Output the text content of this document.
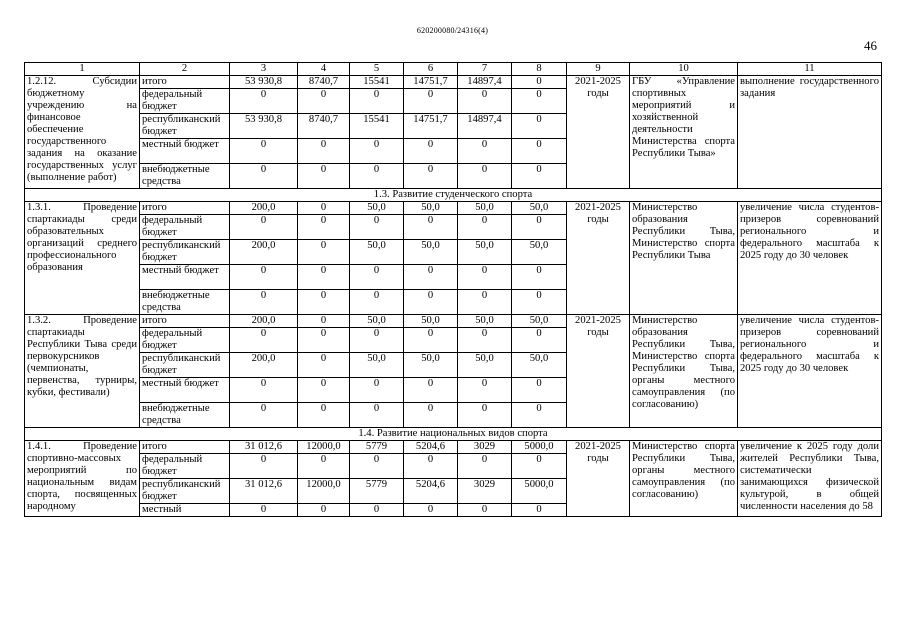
620200080/24316(4)
46
1	2	3	4	5	6	7	8	9	10	11
1.2.12. Субсидии бюджетному учреждению на финансовое обеспечение государственного задания на оказание государственных услуг (выполнение работ)	итого	53 930,8	8740,7	15541	14751,7	14897,4	0	2021-2025 годы	ГБУ «Управление спортивных мероприятий и хозяйственной деятельности Министерства спорта Республики Тыва»	выполнение государственного задания
	федеральный бюджет	0	0	0	0	0	0			
	республиканский бюджет	53 930,8	8740,7	15541	14751,7	14897,4	0			
	местный бюджет	0	0	0	0	0	0			
	внебюджетные средства	0	0	0	0	0	0			
1.3. Развитие студенческого спорта										
1.3.1. Проведение спартакиады среди образовательных организаций среднего профессионального образования	итого	200,0	0	50,0	50,0	50,0	50,0	2021-2025 годы	Министерство образования Республики Тыва, Министерство спорта Республики Тыва	увеличение числа студентов-призеров соревнований регионального и федерального масштаба к 2025 году до 30 человек
	федеральный бюджет	0	0	0	0	0	0			
	республиканский бюджет	200,0	0	50,0	50,0	50,0	50,0			
	местный бюджет	0	0	0	0	0	0			
	внебюджетные средства	0	0	0	0	0	0			
1.3.2. Проведение спартакиады Республики Тыва среди первокурсников (чемпионаты, первенства, турниры, кубки, фестивали)	итого	200,0	0	50,0	50,0	50,0	50,0	2021-2025 годы	Министерство образования Республики Тыва, Министерство спорта Республики Тыва, органы местного самоуправления (по согласованию)	увеличение числа студентов-призеров соревнований регионального и федерального масштаба к 2025 году до 30 человек
	федеральный бюджет	0	0	0	0	0	0			
	республиканский бюджет	200,0	0	50,0	50,0	50,0	50,0			
	местный бюджет	0	0	0	0	0	0			
	внебюджетные средства	0	0	0	0	0	0			
1.4. Развитие национальных видов спорта										
1.4.1. Проведение спортивно-массовых мероприятий по национальным видам спорта, посвященных народному	итого	31 012,6	12000,0	5779	5204,6	3029	5000,0	2021-2025 годы	Министерство спорта Республики Тыва, органы местного самоуправления (по согласованию)	увеличение к 2025 году доли жителей Республики Тыва, систематически занимающихся физической культурой, в общей численности населения до 58
	федеральный бюджет	0	0	0	0	0	0			
	республиканский бюджет	31 012,6	12000,0	5779	5204,6	3029	5000,0			
	местный	0	0	0	0	0	0			
